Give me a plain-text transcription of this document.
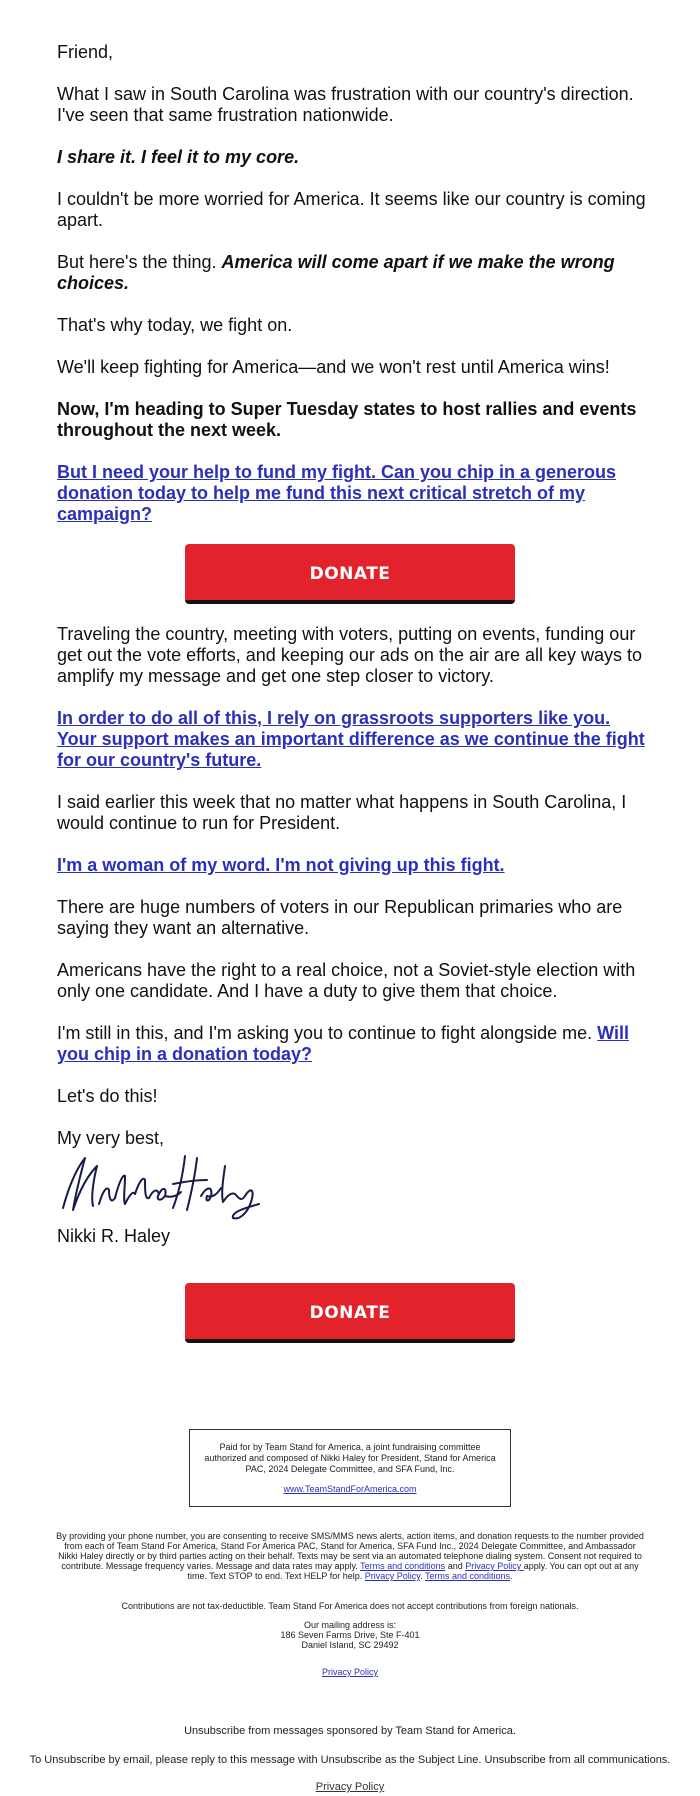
Friend,

What I saw in South Carolina was frustration with our country's direction. I've seen that same frustration nationwide.

I share it. I feel it to my core.

I couldn't be more worried for America. It seems like our country is coming apart.

But here's the thing. America will come apart if we make the wrong choices.

That's why today, we fight on.

We'll keep fighting for America—and we won't rest until America wins!

Now, I'm heading to Super Tuesday states to host rallies and events throughout the next week.

But I need your help to fund my fight. Can you chip in a generous donation today to help me fund this next critical stretch of my campaign?

DONATE

Traveling the country, meeting with voters, putting on events, funding our get out the vote efforts, and keeping our ads on the air are all key ways to amplify my message and get one step closer to victory.

In order to do all of this, I rely on grassroots supporters like you. Your support makes an important difference as we continue the fight for our country's future.

I said earlier this week that no matter what happens in South Carolina, I would continue to run for President.

I'm a woman of my word. I'm not giving up this fight.

There are huge numbers of voters in our Republican primaries who are saying they want an alternative.

Americans have the right to a real choice, not a Soviet-style election with only one candidate. And I have a duty to give them that choice.

I'm still in this, and I'm asking you to continue to fight alongside me. Will you chip in a donation today?

Let's do this!

My very best,

Nikki R. Haley

DONATE
Paid for by Team Stand for America, a joint fundraising committee authorized and composed of Nikki Haley for President, Stand for America PAC, 2024 Delegate Committee, and SFA Fund, Inc.
www.TeamStandForAmerica.com
By providing your phone number, you are consenting to receive SMS/MMS news alerts, action items, and donation requests to the number provided from each of Team Stand For America, Stand For America PAC, Stand for America, SFA Fund Inc., 2024 Delegate Committee, and Ambassador Nikki Haley directly or by third parties acting on their behalf. Texts may be sent via an automated telephone dialing system. Consent not required to contribute. Message frequency varies. Message and data rates may apply. Terms and conditions and Privacy Policy apply. You can opt out at any time. Text STOP to end. Text HELP for help. Privacy Policy. Terms and conditions.
Contributions are not tax-deductible. Team Stand For America does not accept contributions from foreign nationals.
Our mailing address is:
186 Seven Farms Drive, Ste F-401
Daniel Island, SC 29492
Privacy Policy
Unsubscribe from messages sponsored by Team Stand for America.
To Unsubscribe by email, please reply to this message with Unsubscribe as the Subject Line. Unsubscribe from all communications.
Privacy Policy
